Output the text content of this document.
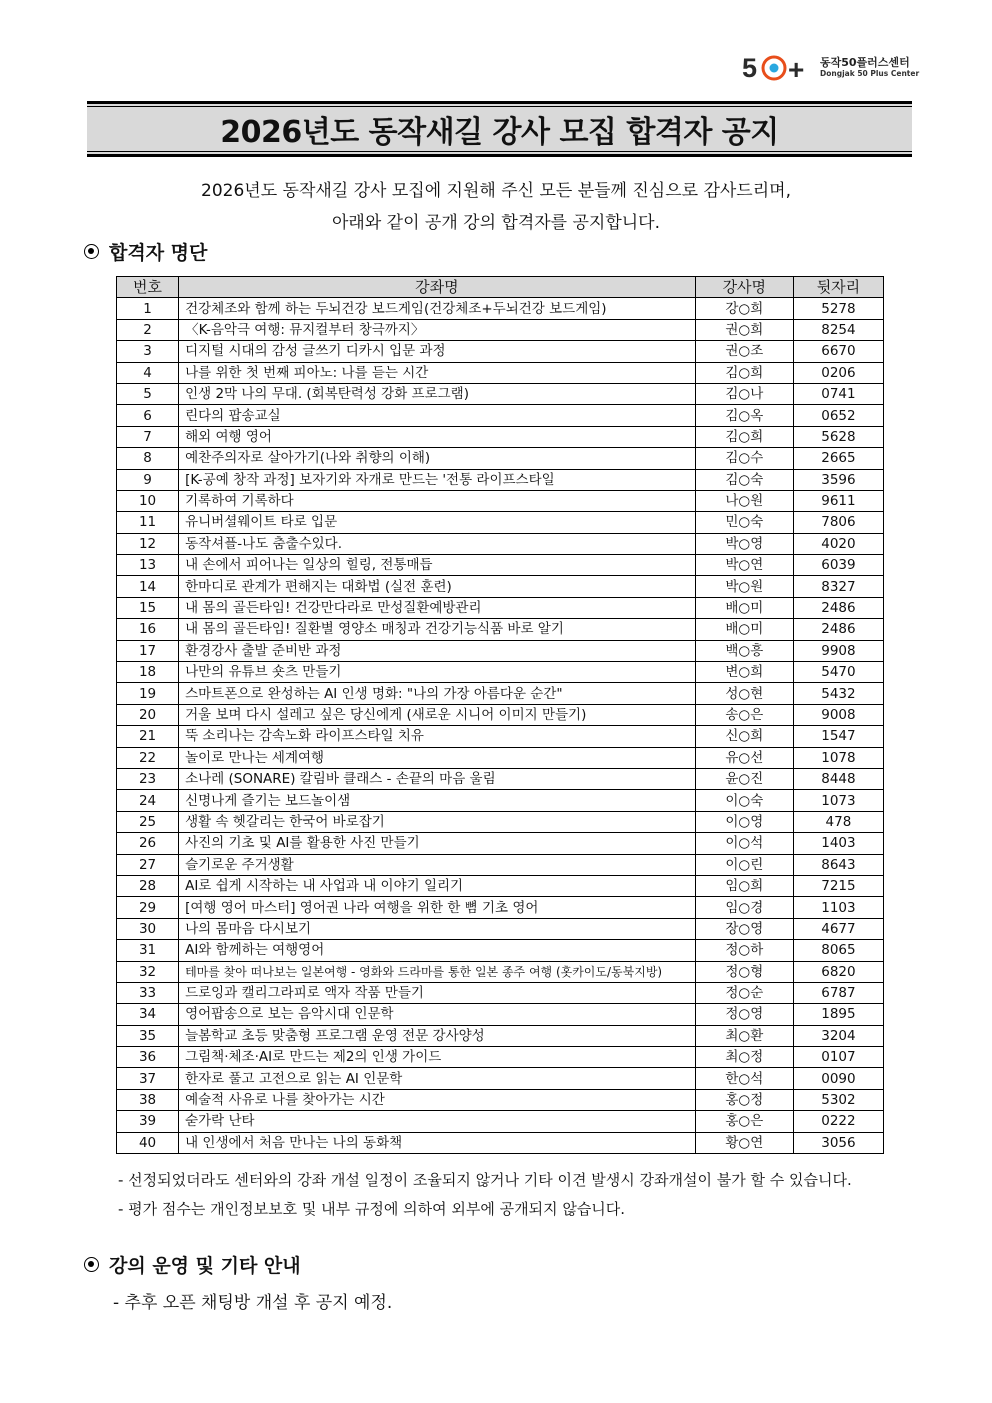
5 + 동작50플러스센터
Dongjak 50 Plus Center
2026년도 동작새길 강사 모집 합격자 공지
2026년도 동작새길 강사 모집에 지원해 주신 모든 분들께 진심으로 감사드리며,
아래와 같이 공개 강의 합격자를 공지합니다.
합격자 명단
번호	강좌명	강사명	뒷자리
1	건강체조와 함께 하는 두뇌건강 보드게임(건강체조+두뇌건강 보드게임)	강○희	5278
2	〈K-음악극 여행: 뮤지컬부터 창극까지〉	권○희	8254
3	디지털 시대의 감성 글쓰기 디카시 입문 과정	권○조	6670
4	나를 위한 첫 번째 피아노: 나를 듣는 시간	김○희	0206
5	인생 2막 나의 무대. (회복탄력성 강화 프로그램)	김○나	0741
6	린다의 팝송교실	김○옥	0652
7	해외 여행 영어	김○희	5628
8	예찬주의자로 살아가기(나와 취향의 이해)	김○수	2665
9	[K-공예 창작 과정] 보자기와 자개로 만드는 '전통 라이프스타일	김○숙	3596
10	기록하여 기록하다	나○원	9611
11	유니버셜웨이트 타로 입문	민○숙	7806
12	동작셔플-나도 춤출수있다.	박○영	4020
13	내 손에서 피어나는 일상의 힐링, 전통매듭	박○연	6039
14	한마디로 관계가 편해지는 대화법 (실전 훈련)	박○원	8327
15	내 몸의 골든타임! 건강만다라로 만성질환예방관리	배○미	2486
16	내 몸의 골든타임! 질환별 영양소 매칭과 건강기능식품 바로 알기	배○미	2486
17	환경강사 출발 준비반 과정	백○흥	9908
18	나만의 유튜브 숏츠 만들기	변○희	5470
19	스마트폰으로 완성하는 AI 인생 명화: "나의 가장 아름다운 순간"	성○현	5432
20	거울 보며 다시 설레고 싶은 당신에게 (새로운 시니어 이미지 만들기)	송○은	9008
21	뚝 소리나는 감속노화 라이프스타일 치유	신○희	1547
22	놀이로 만나는 세계여행	유○선	1078
23	소나레 (SONARE) 칼림바 클래스 - 손끝의 마음 울림	윤○진	8448
24	신명나게 즐기는 보드놀이샘	이○숙	1073
25	생활 속 헷갈리는 한국어 바로잡기	이○영	478
26	사진의 기초 및 AI를 활용한 사진 만들기	이○석	1403
27	슬기로운 주거생활	이○린	8643
28	AI로 쉽게 시작하는 내 사업과 내 이야기 일리기	임○희	7215
29	[여행 영어 마스터] 영어권 나라 여행을 위한 한 뼘 기초 영어	임○경	1103
30	나의 몸마음 다시보기	장○영	4677
31	AI와 함께하는 여행영어	정○하	8065
32	테마를 찾아 떠나보는 일본여행 - 영화와 드라마를 통한 일본 종주 여행 (홋카이도/동북지방)	정○형	6820
33	드로잉과 캘리그라피로 액자 작품 만들기	정○순	6787
34	영어팝송으로 보는 음악시대 인문학	정○영	1895
35	늘봄학교 초등 맞춤형 프로그램 운영 전문 강사양성	최○환	3204
36	그림책·체조·AI로 만드는 제2의 인생 가이드	최○정	0107
37	한자로 풀고 고전으로 읽는 AI 인문학	한○석	0090
38	예술적 사유로 나를 찾아가는 시간	홍○정	5302
39	숟가락 난타	홍○은	0222
40	내 인생에서 처음 만나는 나의 동화책	황○연	3056
- 선정되었더라도 센터와의 강좌 개설 일정이 조율되지 않거나 기타 이견 발생시 강좌개설이 불가 할 수 있습니다.
- 평가 점수는 개인정보보호 및 내부 규정에 의하여 외부에 공개되지 않습니다.
강의 운영 및 기타 안내
- 추후 오픈 채팅방 개설 후 공지 예정.
